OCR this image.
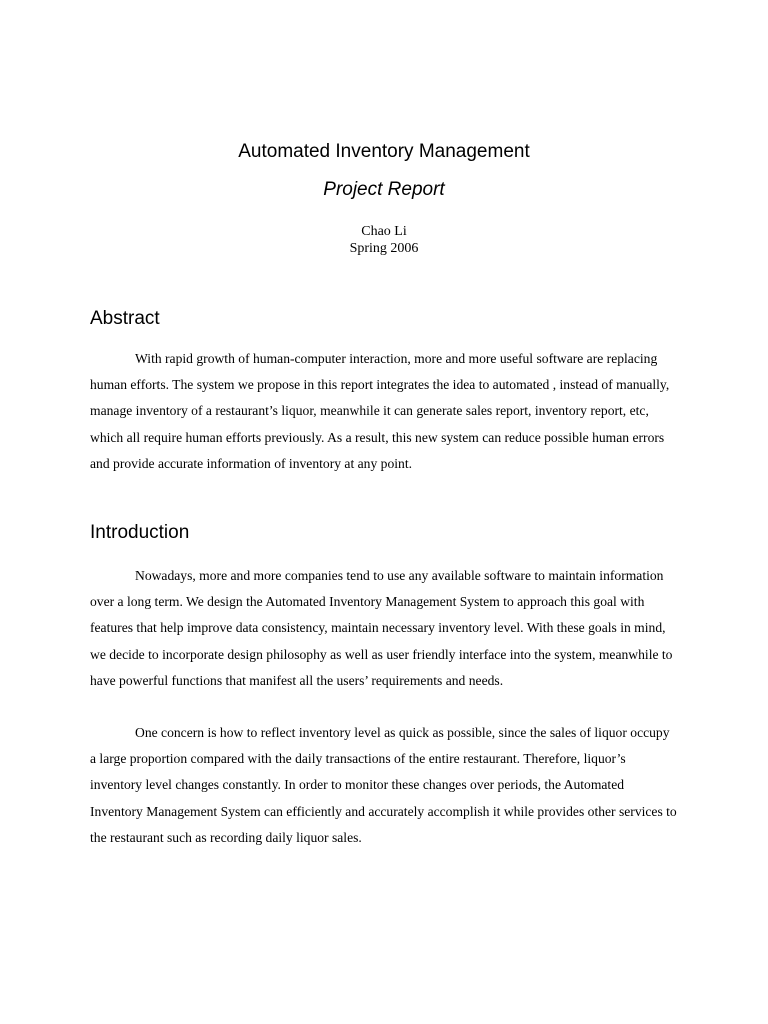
Automated Inventory Management
Project Report
Chao Li
Spring 2006
Abstract

With rapid growth of human-computer interaction, more and more useful software are replacing human efforts. The system we propose in this report integrates the idea to automated , instead of manually, manage inventory of a restaurant’s liquor, meanwhile it can generate sales report, inventory report, etc, which all require human efforts previously. As a result, this new system can reduce possible human errors and provide accurate information of inventory at any point.

Introduction

Nowadays, more and more companies tend to use any available software to maintain information over a long term. We design the Automated Inventory Management System to approach this goal with features that help improve data consistency, maintain necessary inventory level. With these goals in mind, we decide to incorporate design philosophy as well as user friendly interface into the system, meanwhile to have powerful functions that manifest all the users’ requirements and needs.

One concern is how to reflect inventory level as quick as possible, since the sales of liquor occupy a large proportion compared with the daily transactions of the entire restaurant. Therefore, liquor’s inventory level changes constantly. In order to monitor these changes over periods, the Automated Inventory Management System can efficiently and accurately accomplish it while provides other services to the restaurant such as recording daily liquor sales.
